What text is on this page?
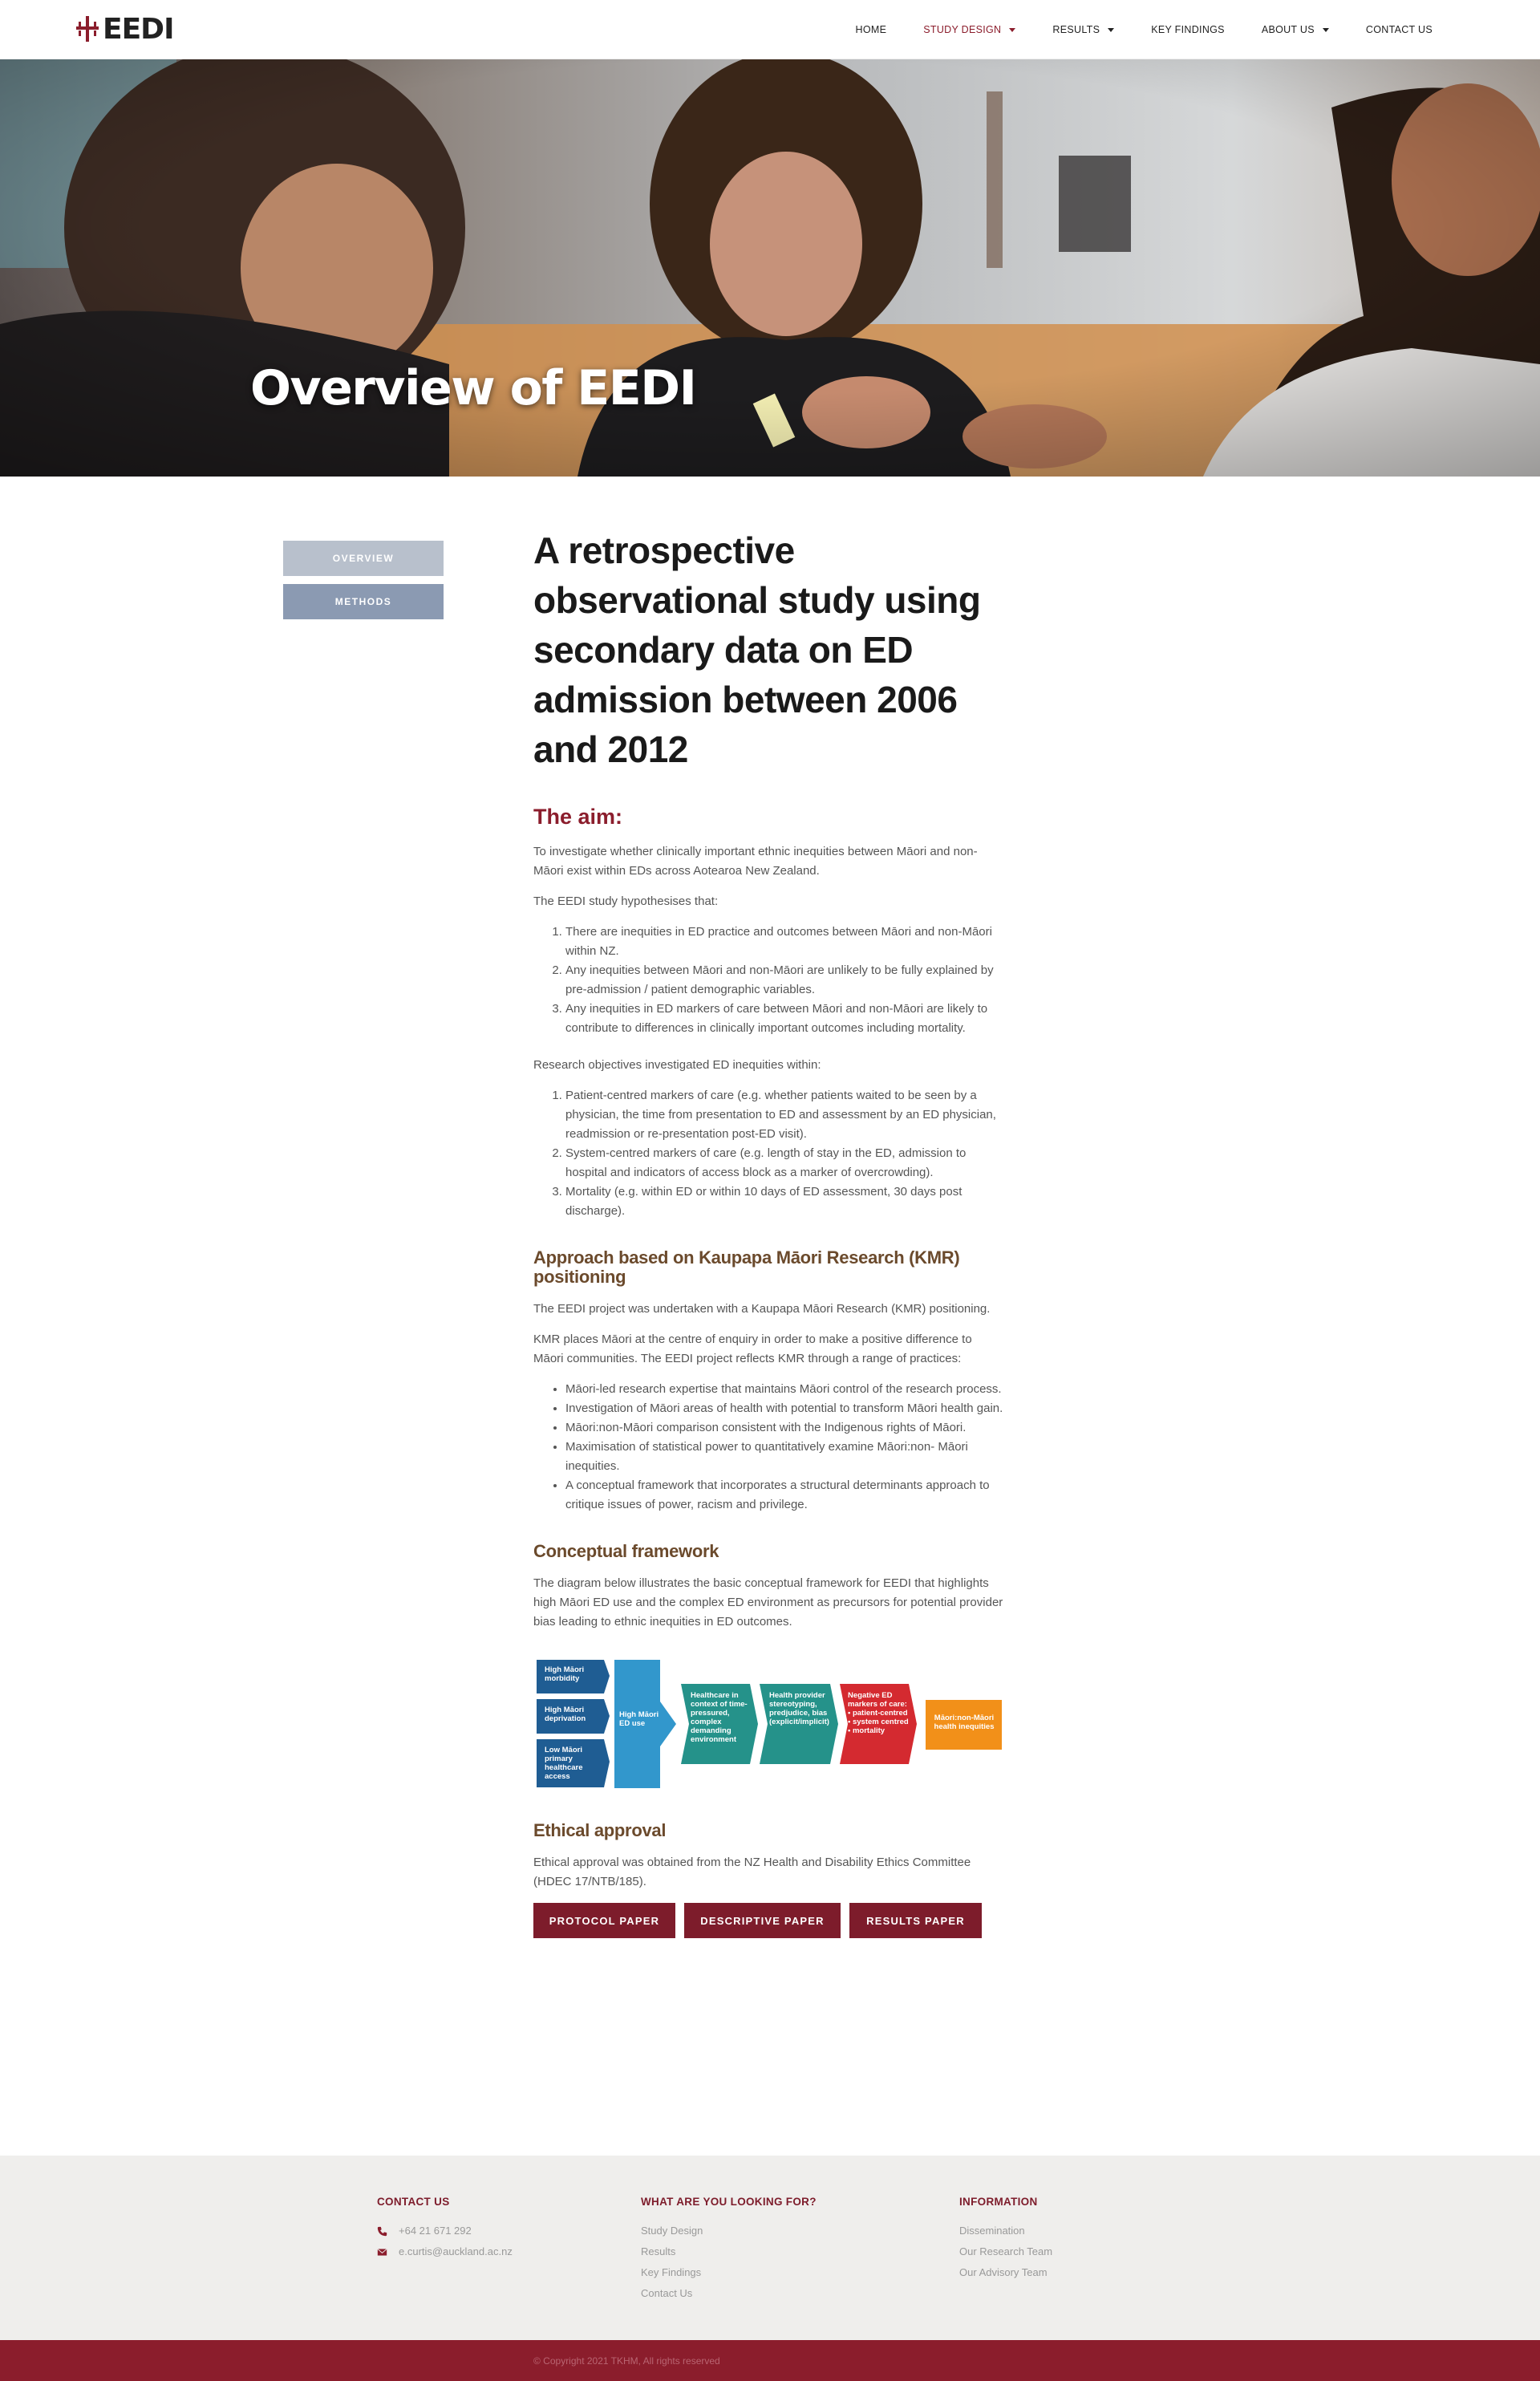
EEDI	HOME	STUDY DESIGN	RESULTS	KEY FINDINGS	ABOUT US	CONTACT US
Overview of EEDI
OVERVIEW
METHODS
A retrospective observational study using secondary data on ED admission between 2006 and 2012
The aim:

To investigate whether clinically important ethnic inequities between Māori and non-Māori exist within EDs across Aotearoa New Zealand.

The EEDI study hypothesises that:

1. There are inequities in ED practice and outcomes between Māori and non-Māori within NZ.
2. Any inequities between Māori and non-Māori are unlikely to be fully explained by pre-admission / patient demographic variables.
3. Any inequities in ED markers of care between Māori and non-Māori are likely to contribute to differences in clinically important outcomes including mortality.

Research objectives investigated ED inequities within:

1. Patient-centred markers of care (e.g. whether patients waited to be seen by a physician, the time from presentation to ED and assessment by an ED physician, readmission or re-presentation post-ED visit).
2. System-centred markers of care (e.g. length of stay in the ED, admission to hospital and indicators of access block as a marker of overcrowding).
3. Mortality (e.g. within ED or within 10 days of ED assessment, 30 days post discharge).
Approach based on Kaupapa Māori Research (KMR) positioning

The EEDI project was undertaken with a Kaupapa Māori Research (KMR) positioning.

KMR places Māori at the centre of enquiry in order to make a positive difference to Māori communities. The EEDI project reflects KMR through a range of practices:

• Māori-led research expertise that maintains Māori control of the research process.
• Investigation of Māori areas of health with potential to transform Māori health gain.
• Māori:non-Māori comparison consistent with the Indigenous rights of Māori.
• Maximisation of statistical power to quantitatively examine Māori:non- Māori inequities.
• A conceptual framework that incorporates a structural determinants approach to critique issues of power, racism and privilege.
Conceptual framework

The diagram below illustrates the basic conceptual framework for EEDI that highlights high Māori ED use and the complex ED environment as precursors for potential provider bias leading to ethnic inequities in ED outcomes.

High Māori morbidity
High Māori deprivation
Low Māori primary healthcare access
High Māori ED use
Healthcare in context of time-pressured, complex demanding environment
Health provider stereotyping, predjudice, bias (explicit/implicit)
Negative ED markers of care:
• patient-centred
• system centred
• mortality
Māori:non-Māori health inequities
Ethical approval

Ethical approval was obtained from the NZ Health and Disability Ethics Committee (HDEC 17/NTB/185).

PROTOCOL PAPER	DESCRIPTIVE PAPER	RESULTS PAPER
CONTACT US
+64 21 671 292
e.curtis@auckland.ac.nz
WHAT ARE YOU LOOKING FOR?
Study Design
Results
Key Findings
Contact Us
INFORMATION
Dissemination
Our Research Team
Our Advisory Team
© Copyright 2021 TKHM, All rights reserved
